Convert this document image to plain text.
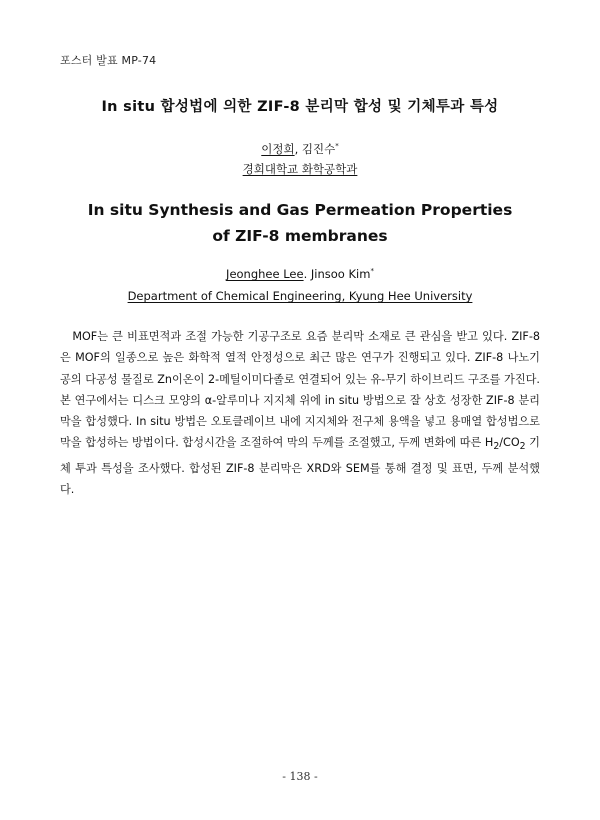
포스터 발표 MP-74
In situ 합성법에 의한 ZIF-8 분리막 합성 및 기체투과 특성
이정희, 김진수*
경희대학교 화학공학과
In situ Synthesis and Gas Permeation Properties
of ZIF-8 membranes
Jeonghee Lee. Jinsoo Kim*
Department of Chemical Engineering, Kyung Hee University
MOF는 큰 비표면적과 조절 가능한 기공구조로 요즘 분리막 소재로 큰 관심을 받고 있다. ZIF-8은 MOF의 일종으로 높은 화학적 열적 안정성으로 최근 많은 연구가 진행되고 있다. ZIF-8 나노기공의 다공성 물질로 Zn이온이 2-메틸이미다졸로 연결되어 있는 유-무기 하이브리드 구조를 가진다. 본 연구에서는 디스크 모양의 α-알루미나 지지체 위에 in situ 방법으로 잘 상호 성장한 ZIF-8 분리막을 합성했다. In situ 방법은 오토클레이브 내에 지지체와 전구체 용액을 넣고 용매열 합성법으로 막을 합성하는 방법이다. 합성시간을 조절하여 막의 두께를 조절했고, 두께 변화에 따른 $H_2/CO_2$ 기체 투과 특성을 조사했다. 합성된 ZIF-8 분리막은 XRD와 SEM를 통해 결정 및 표면, 두께 분석했다.
- 138 -
